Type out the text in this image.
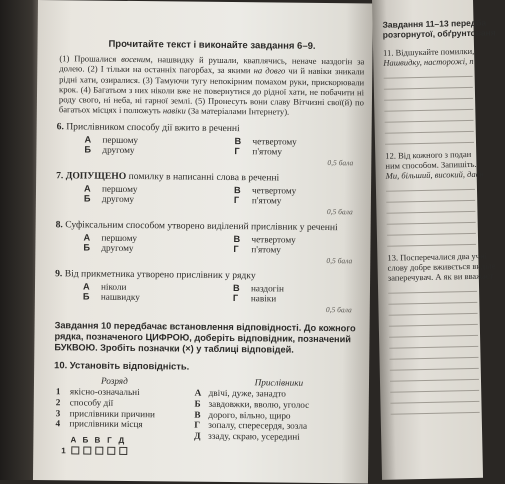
Прочитайте текст і виконайте завдання 6–9.
(1) Прошалися восеним, нашвидку й рушали, кваплячись, неначе наздогін за долею. (2) І тільки на останніх пагорбах, за якими на довго чи й навіки зникали рідні хати, озиралися. (3) Тамуючи тугу непокірним помахом руки, прискорювали крок. (4) Багатьом з них ніколи вже не повернутися до рідної хати, не побачити ні роду свого, ні неба, ні гарної землі. (5) Пронесуть вони славу Вітчизні свої(й) по багатьох місцях і полюжуть навіки (За матеріалами Інтернету).
6. Прислівником способу дії вжито в реченні
А першому	В четвертому
Б другому	Г	п'ятому
0,5 бала
7. ДОПУЩЕНО помилку в написанні слова в реченні
А першому	В четвертому
Б другому	Г	п'ятому
0,5 бала
8. Суфіксальним способом утворено виділений прислівник у реченні
А першому	В четвертому
Б другому	Г	п'ятому
0,5 бала
9. Від прикметника утворено прислівник у рядку
А ніколи	В наздогін
Б нашвидку	Г	навіки
0,5 бала
Завдання 10 передбачає встановлення відповідності. До кожного рядка, позначеного ЦИФРОЮ, доберіть відповідник, позначений БУКВОЮ. Зробіть позначки (×) у таблиці відповідей.
10. Установіть відповідність.
Розряд
1	якісно-означальні
2	способу дії
3	прислівники причини
4	прислівники місця
А Б В Г Д
1
Прислівники
А двічі, дуже, занадто
Б завдовжки, вволю, уголос
В дорого, вільно, щиро
Г зопалу, спересердя, зозла
Д ззаду, скраю, усередині
Завдання 11–13 передба
розгорнутої, обґрунтованя
11. Відшукайте помилки,
Нашвидку, насторожі, п
12. Від кожного з подан
ним способом. Запишіть.
Ми, більший, високий, давн
13. Посперечалися два учні
слову добре вживється виділе
заперечувач. А як ви вважаєт
